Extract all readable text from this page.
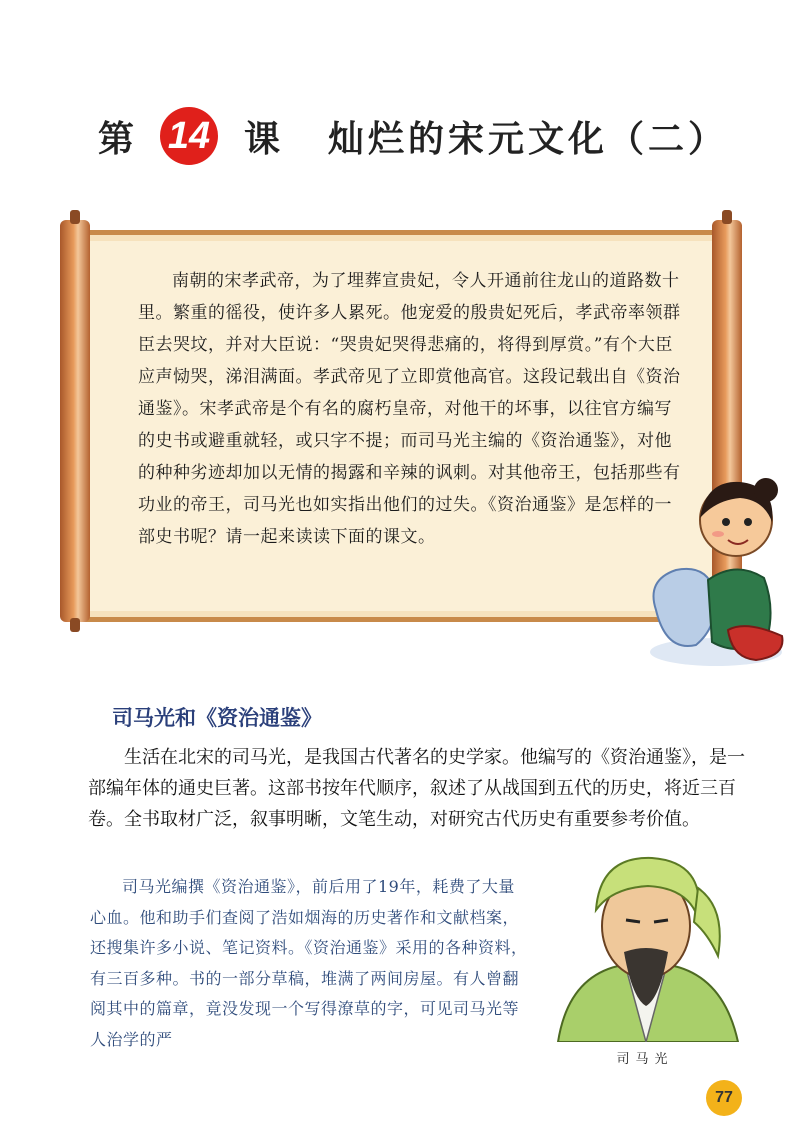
第 14 课 灿烂的宋元文化（二）

南朝的宋孝武帝，为了埋葬宣贵妃，令人开通前往龙山的道路数十里。繁重的徭役，使许多人累死。他宠爱的殷贵妃死后，孝武帝率领群臣去哭坟，并对大臣说：“哭贵妃哭得悲痛的，将得到厚赏。”有个大臣应声恸哭，涕泪满面。孝武帝见了立即赏他高官。这段记载出自《资治通鉴》。宋孝武帝是个有名的腐朽皇帝，对他干的坏事，以往官方编写的史书或避重就轻，或只字不提；而司马光主编的《资治通鉴》，对他的种种劣迹却加以无情的揭露和辛辣的讽刺。对其他帝王，包括那些有功业的帝王，司马光也如实指出他们的过失。《资治通鉴》是怎样的一部史书呢？请一起来读读下面的课文。

司马光和《资治通鉴》

生活在北宋的司马光，是我国古代著名的史学家。他编写的《资治通鉴》，是一部编年体的通史巨著。这部书按年代顺序，叙述了从战国到五代的历史，将近三百卷。全书取材广泛，叙事明晰，文笔生动，对研究古代历史有重要参考价值。

司马光编撰《资治通鉴》，前后用了19年，耗费了大量心血。他和助手们查阅了浩如烟海的历史著作和文献档案，还搜集许多小说、笔记资料。《资治通鉴》采用的各种资料，有三百多种。书的一部分草稿，堆满了两间房屋。有人曾翻阅其中的篇章，竟没发现一个写得潦草的字，可见司马光等人治学的严

司马光
77
